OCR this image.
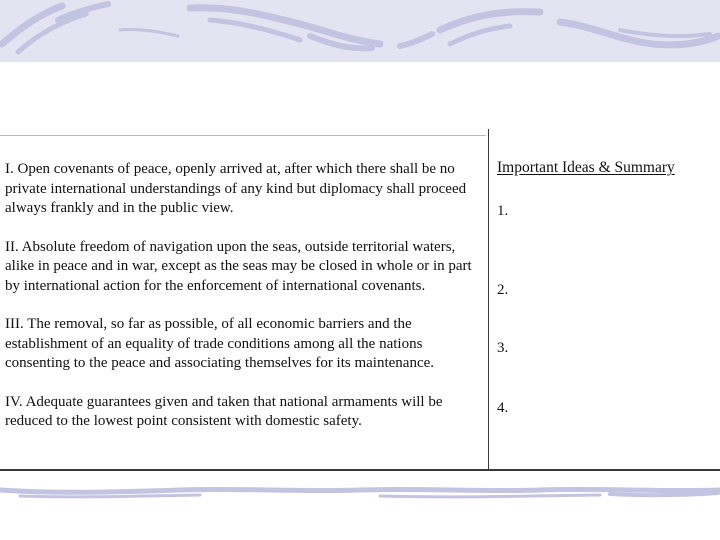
I. Open covenants of peace, openly arrived at, after which there shall be no
private international understandings of any kind but diplomacy shall proceed
always frankly and in the public view.
II. Absolute freedom of navigation upon the seas, outside territorial waters,
alike in peace and in war, except as the seas may be closed in whole or in part
by international action for the enforcement of international covenants.
III. The removal, so far as possible, of all economic barriers and the
establishment of an equality of trade conditions among all the nations
consenting to the peace and associating themselves for its maintenance.
IV. Adequate guarantees given and taken that national armaments will be
reduced to the lowest point consistent with domestic safety.
Important Ideas & Summary
1.
2.
3.
4.
